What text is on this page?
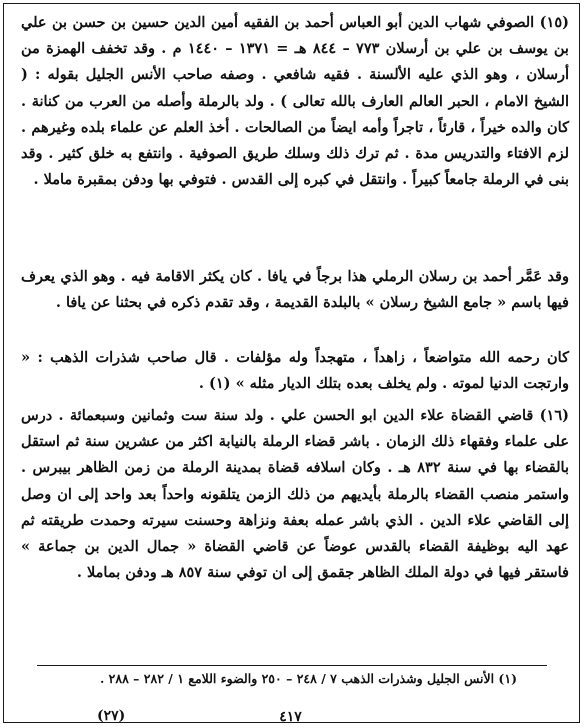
(١٥) الصوفي شهاب الدين أبو العباس أحمد بن الفقيه أمين الدين حسين بن حسن بن علي بن يوسف بن علي بن أرسلان ٧٧٣ – ٨٤٤ هـ = ١٣٧١ – ١٤٤٠ م . وقد تخفف الهمزة من أرسلان ، وهو الذي عليه الألسنة . فقيه شافعي . وصفه صاحب الأنس الجليل بقوله : ( الشيخ الامام ، الحبر العالم العارف بالله تعالى ) . ولد بالرملة وأصله من العرب من كنانة . كان والده خيراً ، قارئاً ، تاجراً وأمه ايضاً من الصالحات . أخذ العلم عن علماء بلده وغيرهم . لزم الافتاء والتدريس مدة . ثم ترك ذلك وسلك طريق الصوفية . وانتفع به خلق كثير . وقد بنى في الرملة جامعاً كبيراً . وانتقل في كبره إلى القدس . فتوفي بها ودفن بمقبرة ماملا .

وقد عَمَّر أحمد بن رسلان الرملي هذا برجاً في يافا . كان يكثر الاقامة فيه . وهو الذي يعرف فيها باسم « جامع الشيخ رسلان » بالبلدة القديمة ، وقد تقدم ذكره في بحثنا عن يافا .

كان رحمه الله متواضعاً ، زاهداً ، متهجداً وله مؤلفات . قال صاحب شذرات الذهب : « وارتجت الدنيا لموته . ولم يخلف بعده بتلك الديار مثله » (١) .

(١٦) قاضي القضاة علاء الدين ابو الحسن علي . ولد سنة ست وثمانين وسبعمائة . درس على علماء وفقهاء ذلك الزمان . باشر قضاء الرملة بالنيابة اكثر من عشرين سنة ثم استقل بالقضاء بها في سنة ٨٣٢ هـ . وكان اسلافه قضاة بمدينة الرملة من زمن الظاهر بيبرس . واستمر منصب القضاء بالرملة بأيديهم من ذلك الزمن يتلقونه واحداً بعد واحد إلى ان وصل إلى القاضي علاء الدين . الذي باشر عمله بعفة ونزاهة وحسنت سيرته وحمدت طريقته ثم عهد اليه بوظيفة القضاء بالقدس عوضاً عن قاضي القضاة « جمال الدين بن جماعة » فاستقر فيها في دولة الملك الظاهر جقمق إلى ان توفي سنة ٨٥٧ هـ ودفن بماملا .

(١) الأنس الجليل وشذرات الذهب ٧ / ٢٤٨ – ٢٥٠ والضوء اللامع ١ / ٢٨٢ – ٢٨٨ .

٤١٧
(٢٧)
